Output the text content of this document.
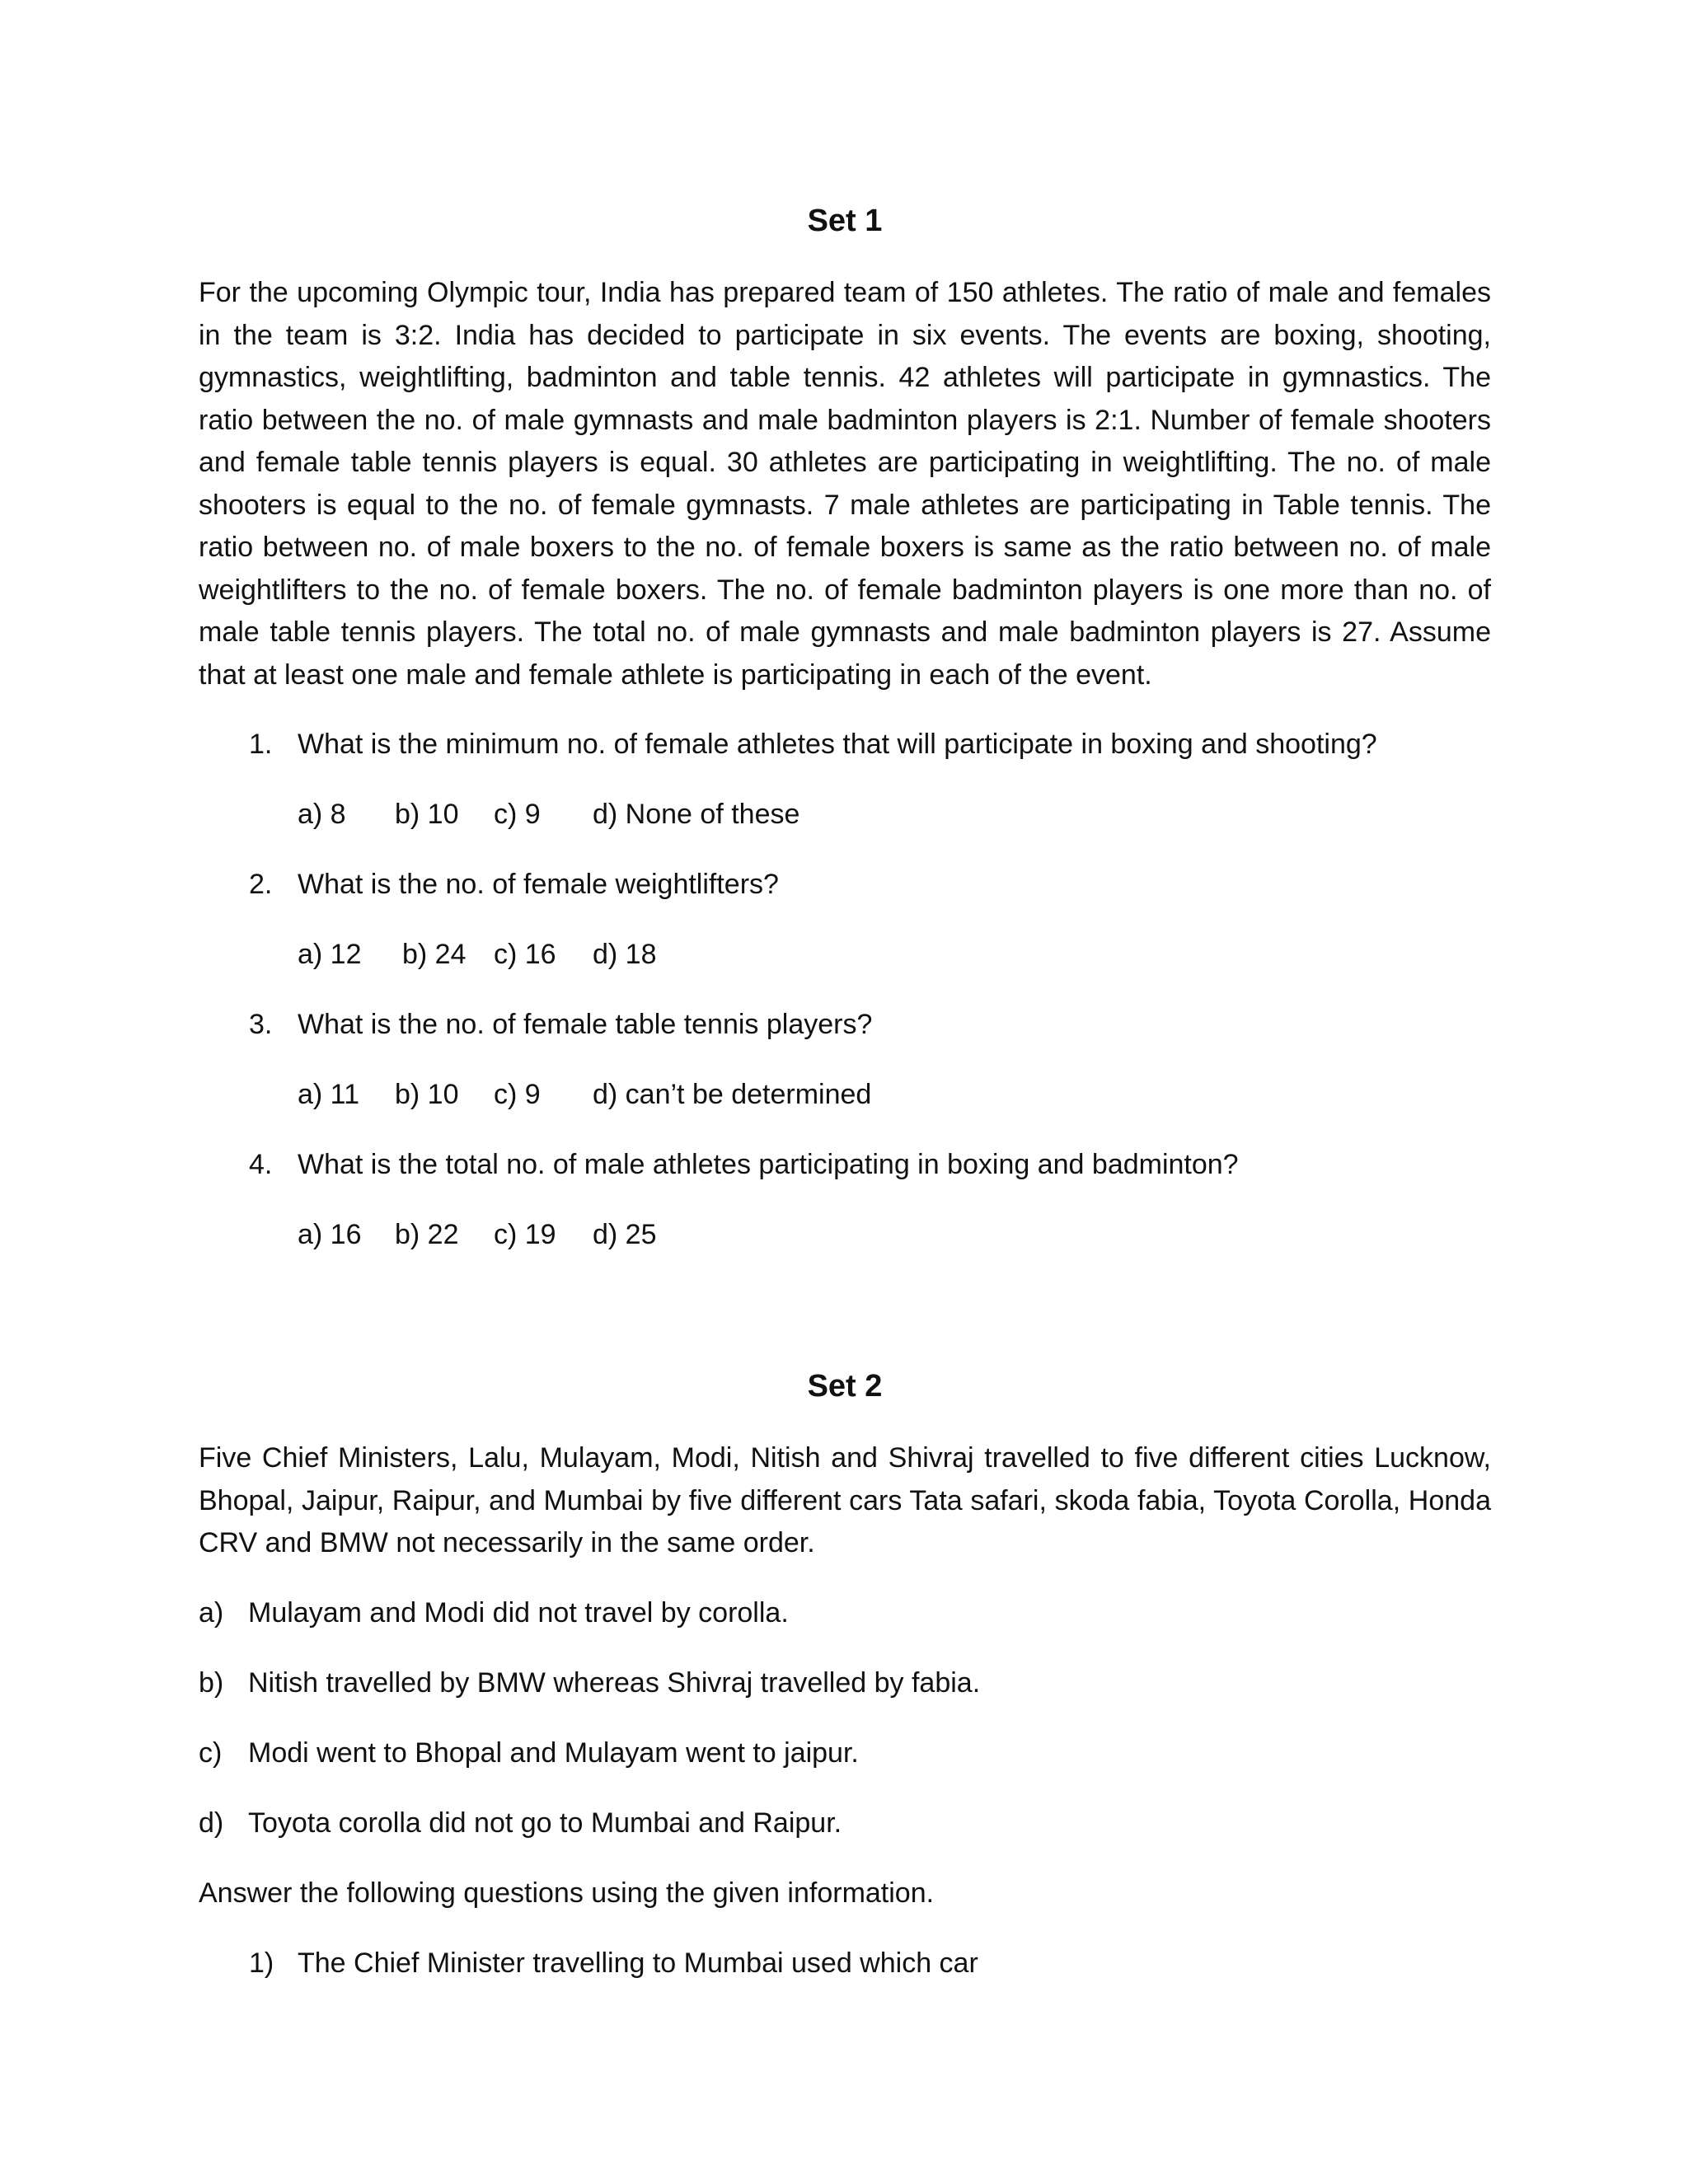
Set 1

For the upcoming Olympic tour, India has prepared team of 150 athletes. The ratio of male and females in the team is 3:2. India has decided to participate in six events. The events are boxing, shooting, gymnastics, weightlifting, badminton and table tennis. 42 athletes will participate in gymnastics. The ratio between the no. of male gymnasts and male badminton players is 2:1. Number of female shooters and female table tennis players is equal. 30 athletes are participating in weightlifting. The no. of male shooters is equal to the no. of female gymnasts. 7 male athletes are participating in Table tennis. The ratio between no. of male boxers to the no. of female boxers is same as the ratio between no. of male weightlifters to the no. of female boxers. The no. of female badminton players is one more than no. of male table tennis players. The total no. of male gymnasts and male badminton players is 27. Assume that at least one male and female athlete is participating in each of the event.

1. What is the minimum no. of female athletes that will participate in boxing and shooting?
a) 8 b) 10 c) 9 d) None of these
2. What is the no. of female weightlifters?
a) 12 b) 24 c) 16 d) 18
3. What is the no. of female table tennis players?
a) 11 b) 10 c) 9 d) can’t be determined
4. What is the total no. of male athletes participating in boxing and badminton?
a) 16 b) 22 c) 19 d) 25
Set 2

Five Chief Ministers, Lalu, Mulayam, Modi, Nitish and Shivraj travelled to five different cities Lucknow, Bhopal, Jaipur, Raipur, and Mumbai by five different cars Tata safari, skoda fabia, Toyota Corolla, Honda CRV and BMW not necessarily in the same order.

a) Mulayam and Modi did not travel by corolla.
b) Nitish travelled by BMW whereas Shivraj travelled by fabia.
c) Modi went to Bhopal and Mulayam went to jaipur.
d) Toyota corolla did not go to Mumbai and Raipur.

Answer the following questions using the given information.

1) The Chief Minister travelling to Mumbai used which car
